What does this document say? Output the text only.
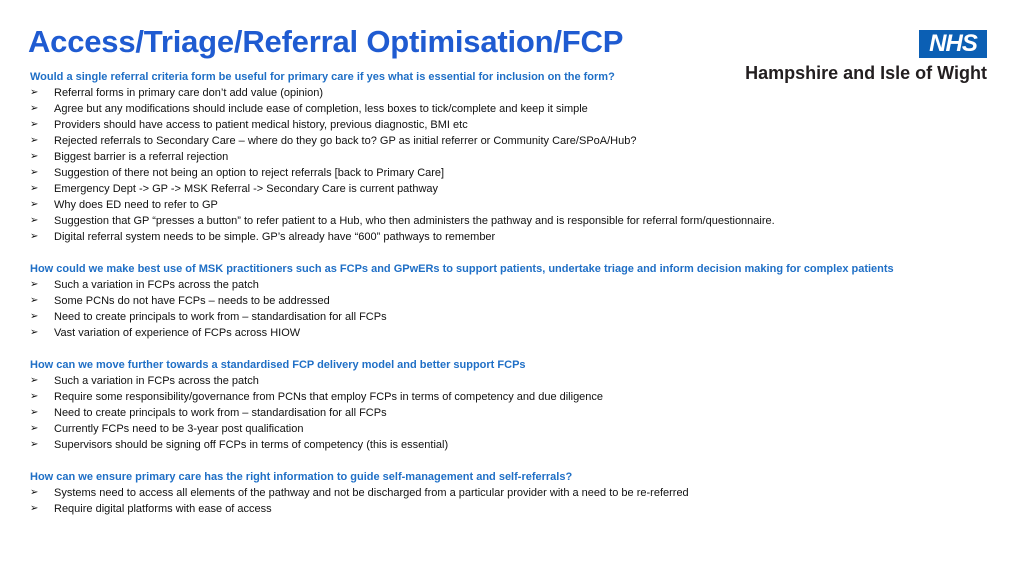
Access/Triage/Referral Optimisation/FCP	NHS
Hampshire and Isle of Wight
Would a single referral criteria form be useful for primary care if yes what is essential for inclusion on the form?
➢	Referral forms in primary care don’t add value (opinion)
➢	Agree but any modifications should include ease of completion, less boxes to tick/complete and keep it simple
➢	Providers should have access to patient medical history, previous diagnostic, BMI etc
➢	Rejected referrals to Secondary Care – where do they go back to? GP as initial referrer or Community Care/SPoA/Hub?
➢	Biggest barrier is a referral rejection
➢	Suggestion of there not being an option to reject referrals [back to Primary Care]
➢	Emergency Dept -> GP -> MSK Referral -> Secondary Care is current pathway
➢	Why does ED need to refer to GP
➢	Suggestion that GP “presses a button” to refer patient to a Hub, who then administers the pathway and is responsible for referral form/questionnaire.
➢	Digital referral system needs to be simple. GP’s already have “600” pathways to remember
How could we make best use of MSK practitioners such as FCPs and GPwERs to support patients, undertake triage and inform decision making for complex patients
➢	Such a variation in FCPs across the patch
➢	Some PCNs do not have FCPs – needs to be addressed
➢	Need to create principals to work from – standardisation for all FCPs
➢	Vast variation of experience of FCPs across HIOW
How can we move further towards a standardised FCP delivery model and better support FCPs
➢	Such a variation in FCPs across the patch
➢	Require some responsibility/governance from PCNs that employ FCPs in terms of competency and due diligence
➢	Need to create principals to work from – standardisation for all FCPs
➢	Currently FCPs need to be 3-year post qualification
➢	Supervisors should be signing off FCPs in terms of competency (this is essential)
How can we ensure primary care has the right information to guide self-management and self-referrals?
➢	Systems need to access all elements of the pathway and not be discharged from a particular provider with a need to be re-referred
➢	Require digital platforms with ease of access
